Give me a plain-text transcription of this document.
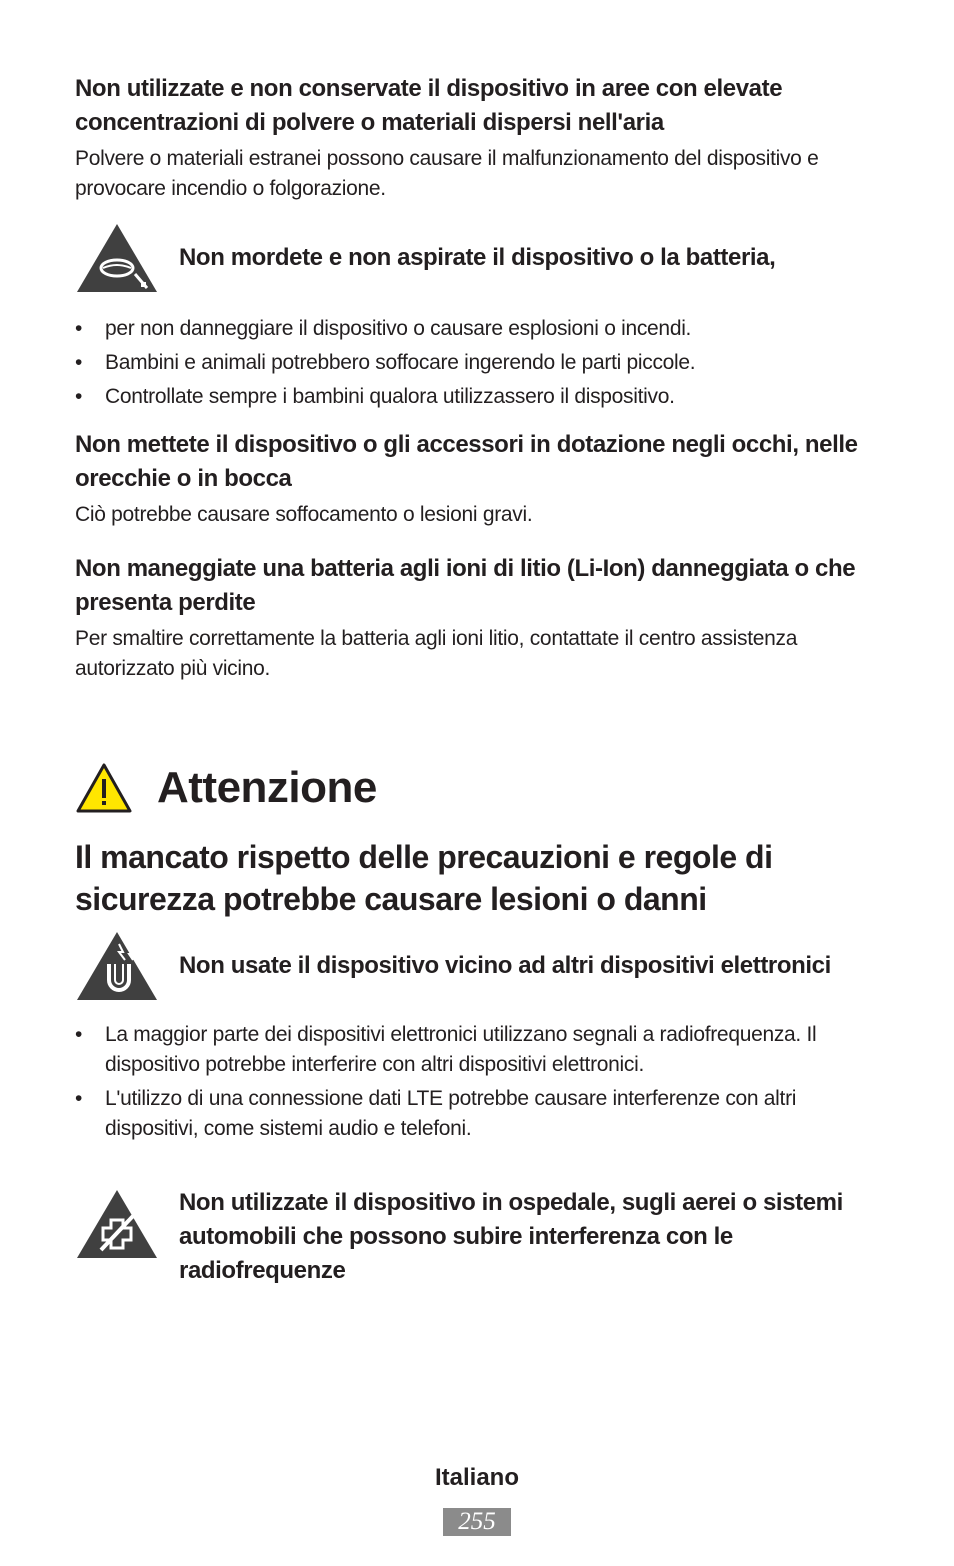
Non utilizzate e non conservate il dispositivo in aree con elevate concentrazioni di polvere o materiali dispersi nell'aria
Polvere o materiali estranei possono causare il malfunzionamento del dispositivo e provocare incendio o folgorazione.
Non mordete e non aspirate il dispositivo o la batteria,
• per non danneggiare il dispositivo o causare esplosioni o incendi.
• Bambini e animali potrebbero soffocare ingerendo le parti piccole.
• Controllate sempre i bambini qualora utilizzassero il dispositivo.
Non mettete il dispositivo o gli accessori in dotazione negli occhi, nelle orecchie o in bocca
Ciò potrebbe causare soffocamento o lesioni gravi.
Non maneggiate una batteria agli ioni di litio (Li-Ion) danneggiata o che presenta perdite
Per smaltire correttamente la batteria agli ioni litio, contattate il centro assistenza autorizzato più vicino.
Attenzione
Il mancato rispetto delle precauzioni e regole di sicurezza potrebbe causare lesioni o danni
Non usate il dispositivo vicino ad altri dispositivi elettronici
• La maggior parte dei dispositivi elettronici utilizzano segnali a radiofrequenza. Il dispositivo potrebbe interferire con altri dispositivi elettronici.
• L'utilizzo di una connessione dati LTE potrebbe causare interferenze con altri dispositivi, come sistemi audio e telefoni.
Non utilizzate il dispositivo in ospedale, sugli aerei o sistemi automobili che possono subire interferenza con le radiofrequenze
Italiano
255
